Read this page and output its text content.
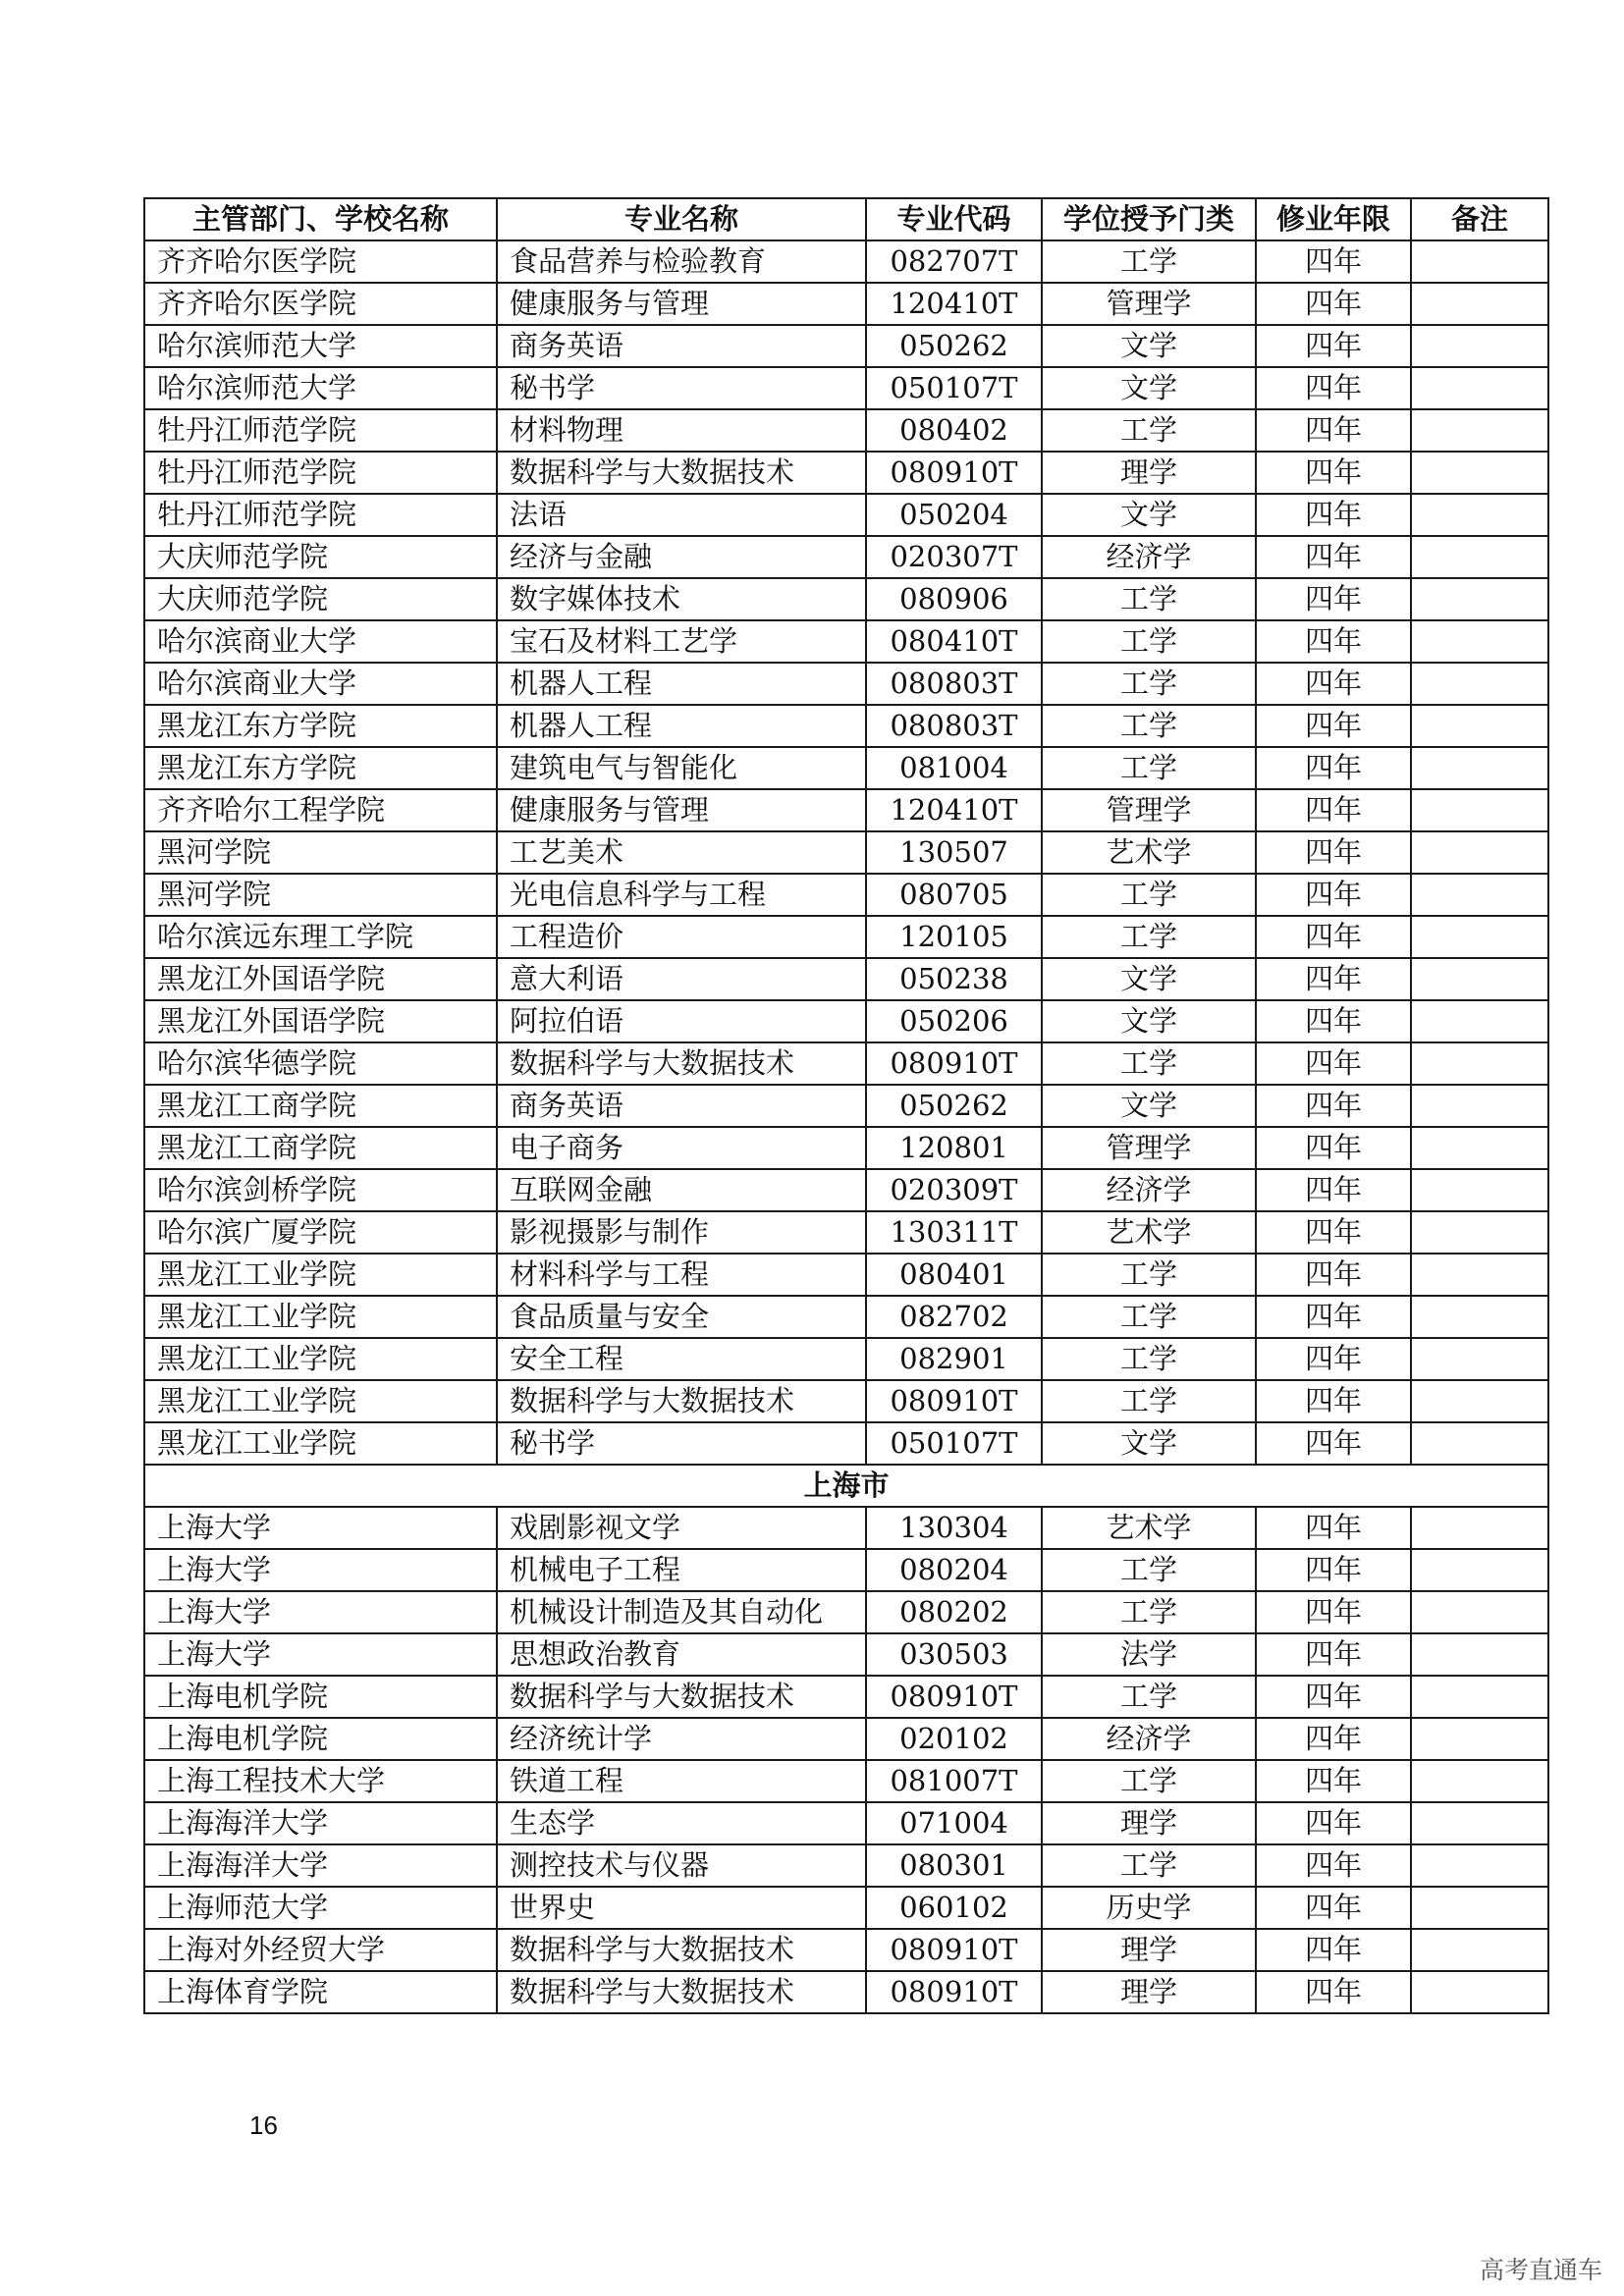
主管部门、学校名称	专业名称	专业代码	学位授予门类	修业年限	备注
齐齐哈尔医学院	食品营养与检验教育	082707T	工学	四年	
齐齐哈尔医学院	健康服务与管理	120410T	管理学	四年	
哈尔滨师范大学	商务英语	050262	文学	四年	
哈尔滨师范大学	秘书学	050107T	文学	四年	
牡丹江师范学院	材料物理	080402	工学	四年	
牡丹江师范学院	数据科学与大数据技术	080910T	理学	四年	
牡丹江师范学院	法语	050204	文学	四年	
大庆师范学院	经济与金融	020307T	经济学	四年	
大庆师范学院	数字媒体技术	080906	工学	四年	
哈尔滨商业大学	宝石及材料工艺学	080410T	工学	四年	
哈尔滨商业大学	机器人工程	080803T	工学	四年	
黑龙江东方学院	机器人工程	080803T	工学	四年	
黑龙江东方学院	建筑电气与智能化	081004	工学	四年	
齐齐哈尔工程学院	健康服务与管理	120410T	管理学	四年	
黑河学院	工艺美术	130507	艺术学	四年	
黑河学院	光电信息科学与工程	080705	工学	四年	
哈尔滨远东理工学院	工程造价	120105	工学	四年	
黑龙江外国语学院	意大利语	050238	文学	四年	
黑龙江外国语学院	阿拉伯语	050206	文学	四年	
哈尔滨华德学院	数据科学与大数据技术	080910T	工学	四年	
黑龙江工商学院	商务英语	050262	文学	四年	
黑龙江工商学院	电子商务	120801	管理学	四年	
哈尔滨剑桥学院	互联网金融	020309T	经济学	四年	
哈尔滨广厦学院	影视摄影与制作	130311T	艺术学	四年	
黑龙江工业学院	材料科学与工程	080401	工学	四年	
黑龙江工业学院	食品质量与安全	082702	工学	四年	
黑龙江工业学院	安全工程	082901	工学	四年	
黑龙江工业学院	数据科学与大数据技术	080910T	工学	四年	
黑龙江工业学院	秘书学	050107T	文学	四年	
上海市					
上海大学	戏剧影视文学	130304	艺术学	四年	
上海大学	机械电子工程	080204	工学	四年	
上海大学	机械设计制造及其自动化	080202	工学	四年	
上海大学	思想政治教育	030503	法学	四年	
上海电机学院	数据科学与大数据技术	080910T	工学	四年	
上海电机学院	经济统计学	020102	经济学	四年	
上海工程技术大学	铁道工程	081007T	工学	四年	
上海海洋大学	生态学	071004	理学	四年	
上海海洋大学	测控技术与仪器	080301	工学	四年	
上海师范大学	世界史	060102	历史学	四年	
上海对外经贸大学	数据科学与大数据技术	080910T	理学	四年	
上海体育学院	数据科学与大数据技术	080910T	理学	四年	
16
高考直通车
